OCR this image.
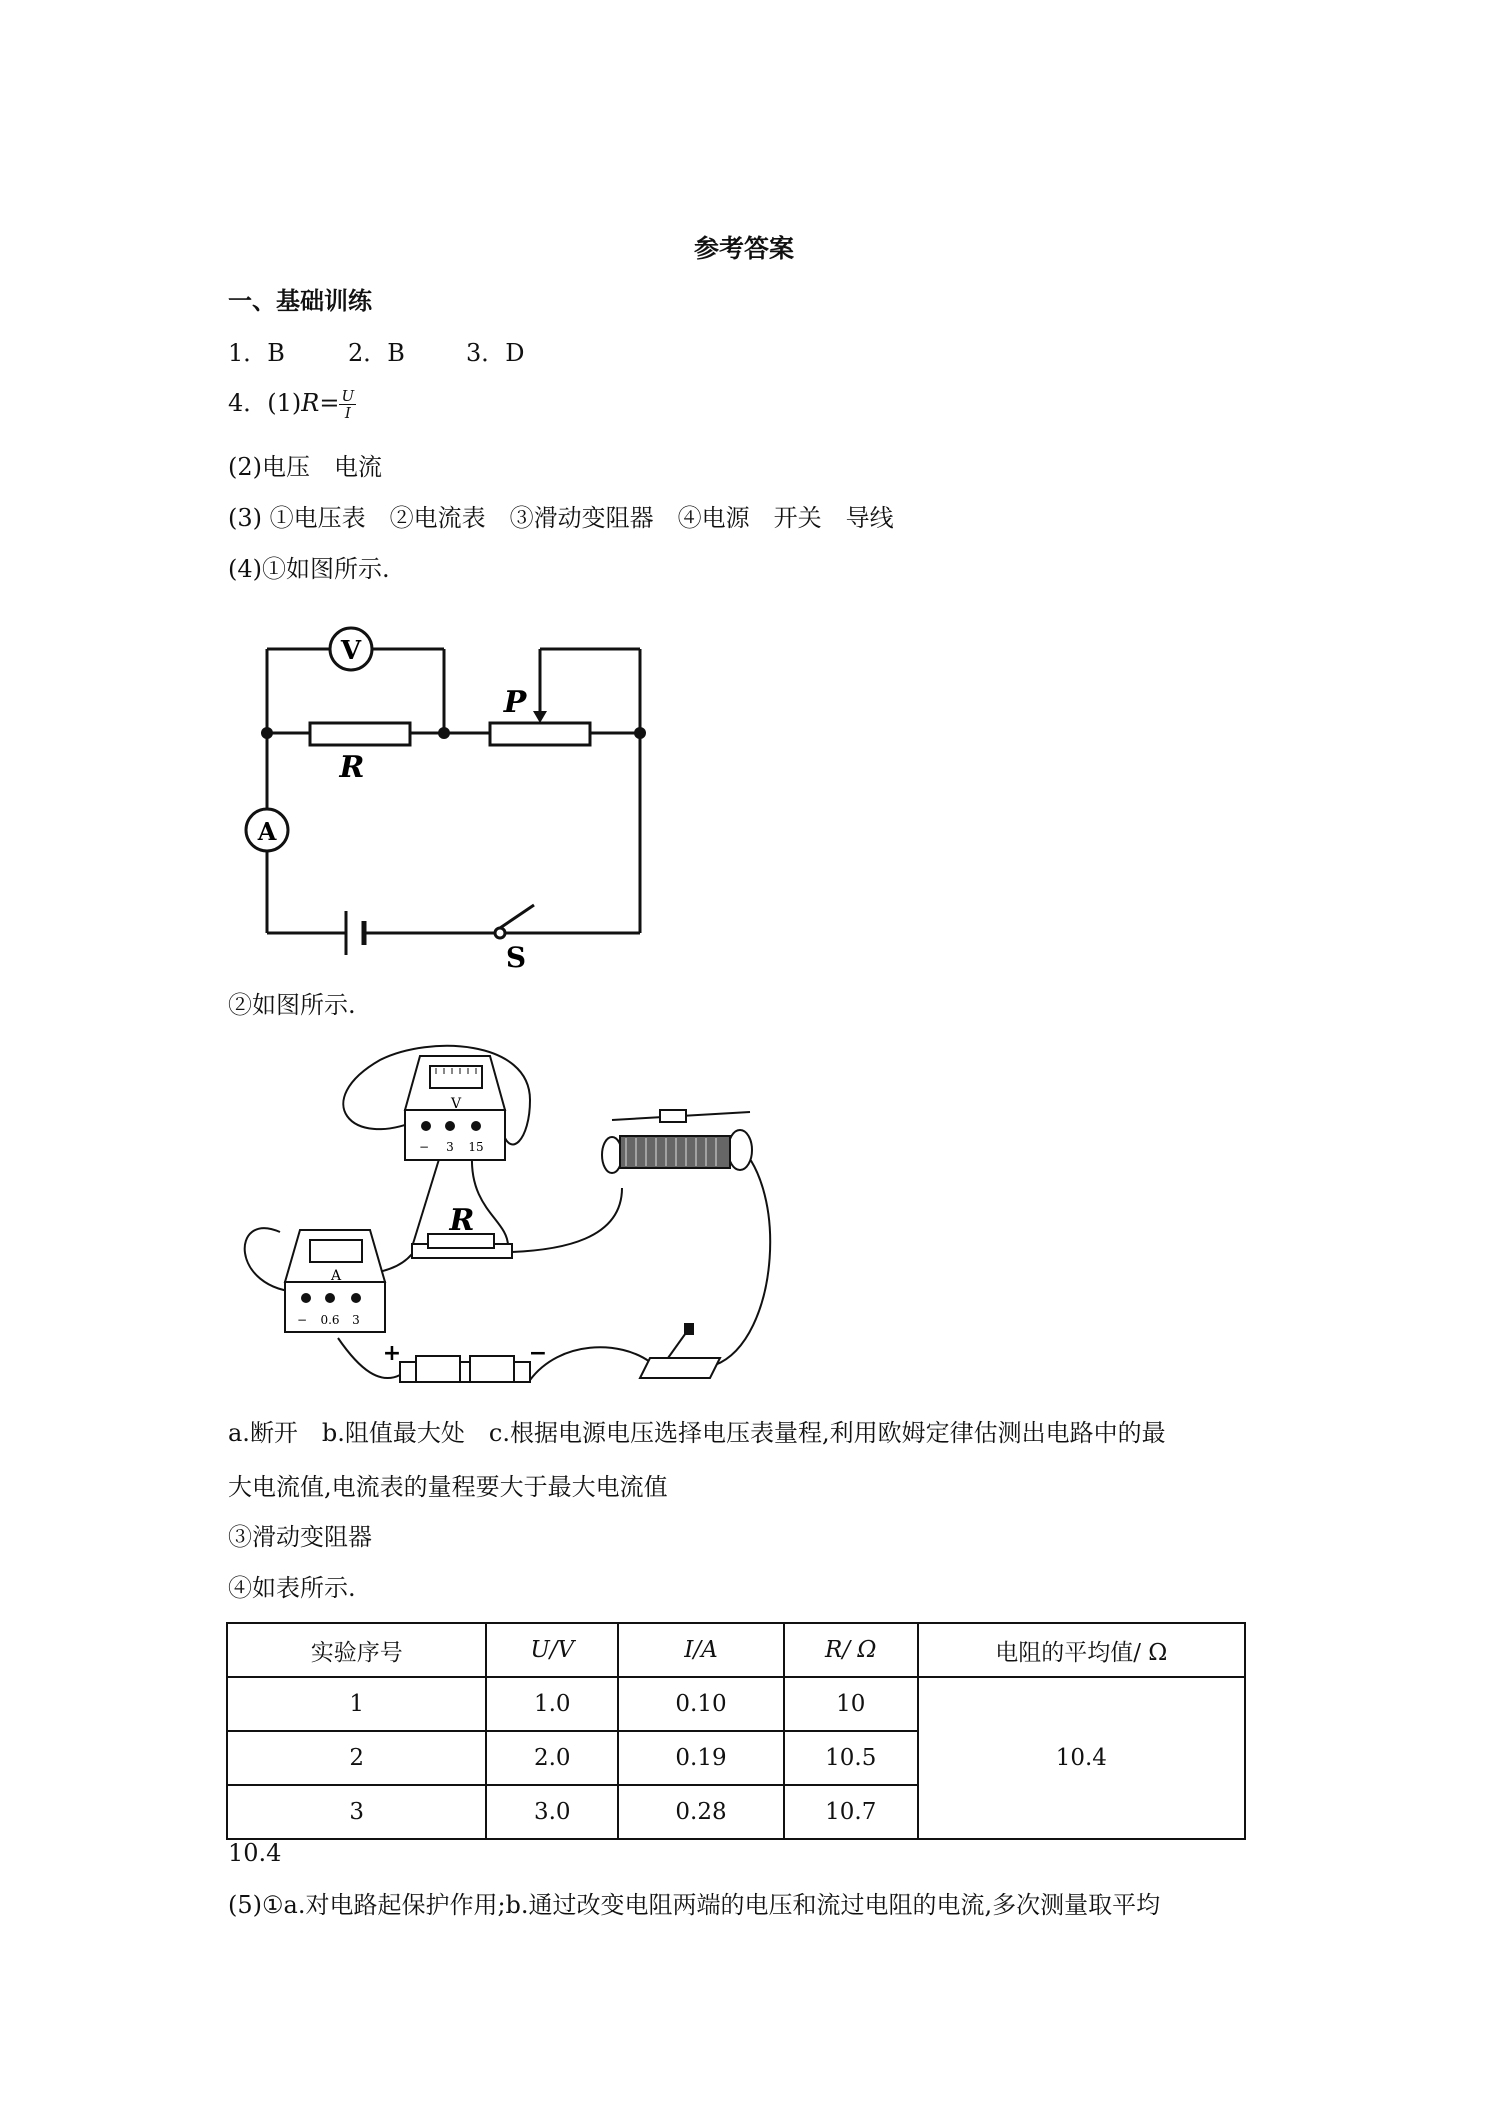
参考答案
一、基础训练
1．B	2．B	3．D
4．$(1)R= \frac{U}{I}$
(2)电压　电流
(3) ①电压表　②电流表　③滑动变阻器　④电源　开关　导线
(4)①如图所示.
V
A
R
P
S
②如图所示.
V
− 3 15
R
A
− 0.6 3
+	−
a.断开　b.阻值最大处　c.根据电源电压选择电压表量程,利用欧姆定律估测出电路中的最
大电流值,电流表的量程要大于最大电流值
③滑动变阻器
④如表所示.
实验序号	U/V	I/A	R/ Ω	电阻的平均值/ Ω
1	1.0	0.10	10	10.4
2	2.0	0.19	10.5	
3	3.0	0.28	10.7	
10.4
(5)①a.对电路起保护作用;b.通过改变电阻两端的电压和流过电阻的电流,多次测量取平均
